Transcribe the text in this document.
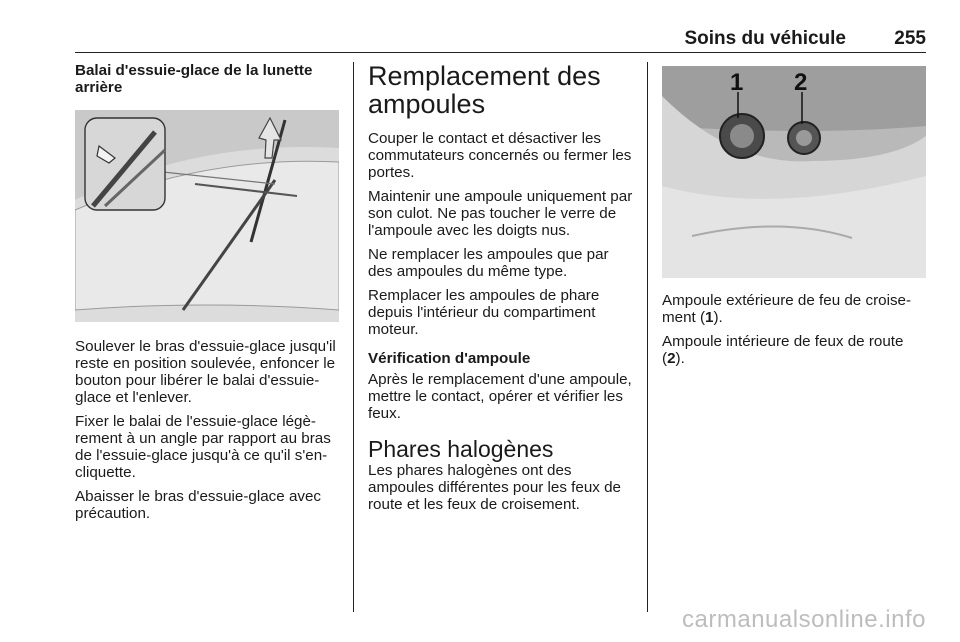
Soins du véhicule	255
Balai d'essuie-glace de la lunette arrière

Soulever le bras d'essuie-glace jusqu'il reste en position soulevée, enfoncer le bouton pour libérer le balai d'essuie-glace et l'enlever.

Fixer le balai de l'essuie-glace légè-rement à un angle par rapport au bras de l'essuie-glace jusqu'à ce qu'il s'en-cliquette.

Abaisser le bras d'essuie-glace avec précaution.

Remplacement des ampoules

Couper le contact et désactiver les commutateurs concernés ou fermer les portes.

Maintenir une ampoule uniquement par son culot. Ne pas toucher le verre de l'ampoule avec les doigts nus.

Ne remplacer les ampoules que par des ampoules du même type.

Remplacer les ampoules de phare depuis l'intérieur du compartiment moteur.

Vérification d'ampoule

Après le remplacement d'une ampoule, mettre le contact, opérer et vérifier les feux.

Phares halogènes

Les phares halogènes ont des ampoules différentes pour les feux de route et les feux de croisement.

1 2

Ampoule extérieure de feu de croise-ment (1).

Ampoule intérieure de feux de route (2).

carmanualsonline.info
